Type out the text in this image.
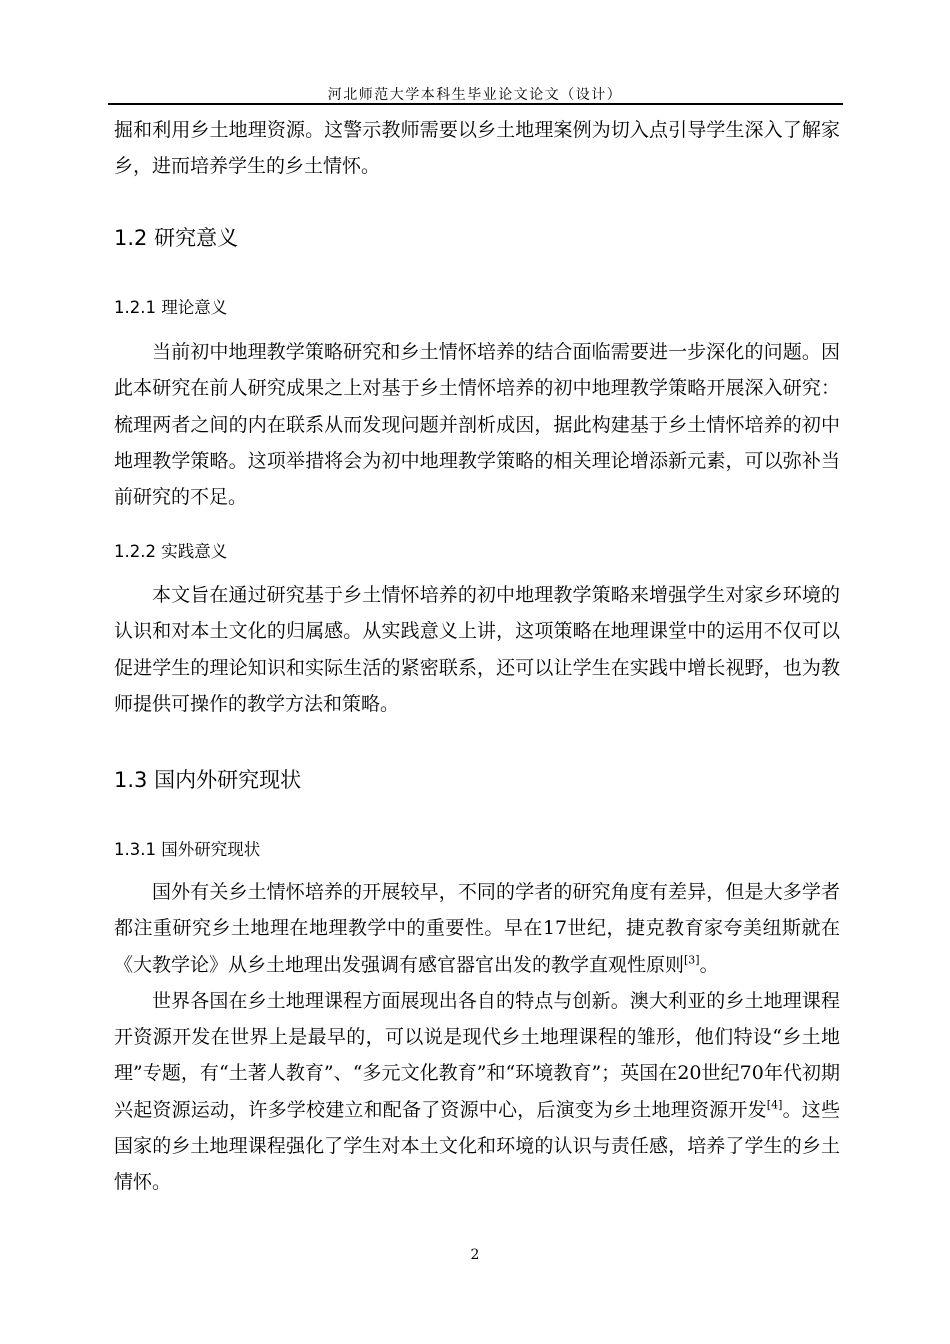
河北师范大学本科生毕业论文论文（设计）

掘和利用乡土地理资源。这警示教师需要以乡土地理案例为切入点引导学生深入了解家乡，进而培养学生的乡土情怀。

1.2 研究意义
1.2.1 理论意义

当前初中地理教学策略研究和乡土情怀培养的结合面临需要进一步深化的问题。因此本研究在前人研究成果之上对基于乡土情怀培养的初中地理教学策略开展深入研究：梳理两者之间的内在联系从而发现问题并剖析成因，据此构建基于乡土情怀培养的初中地理教学策略。这项举措将会为初中地理教学策略的相关理论增添新元素，可以弥补当前研究的不足。

1.2.2 实践意义

本文旨在通过研究基于乡土情怀培养的初中地理教学策略来增强学生对家乡环境的认识和对本土文化的归属感。从实践意义上讲，这项策略在地理课堂中的运用不仅可以促进学生的理论知识和实际生活的紧密联系，还可以让学生在实践中增长视野，也为教师提供可操作的教学方法和策略。

1.3 国内外研究现状
1.3.1 国外研究现状

国外有关乡土情怀培养的开展较早，不同的学者的研究角度有差异，但是大多学者都注重研究乡土地理在地理教学中的重要性。早在17世纪，捷克教育家夸美纽斯就在《大教学论》从乡土地理出发强调有感官器官出发的教学直观性原则[3]。

世界各国在乡土地理课程方面展现出各自的特点与创新。澳大利亚的乡土地理课程开资源开发在世界上是最早的，可以说是现代乡土地理课程的雏形，他们特设“乡土地理”专题，有“土著人教育”、“多元文化教育”和“环境教育”；英国在20世纪70年代初期兴起资源运动，许多学校建立和配备了资源中心，后演变为乡土地理资源开发[4]。这些国家的乡土地理课程强化了学生对本土文化和环境的认识与责任感，培养了学生的乡土情怀。

2
